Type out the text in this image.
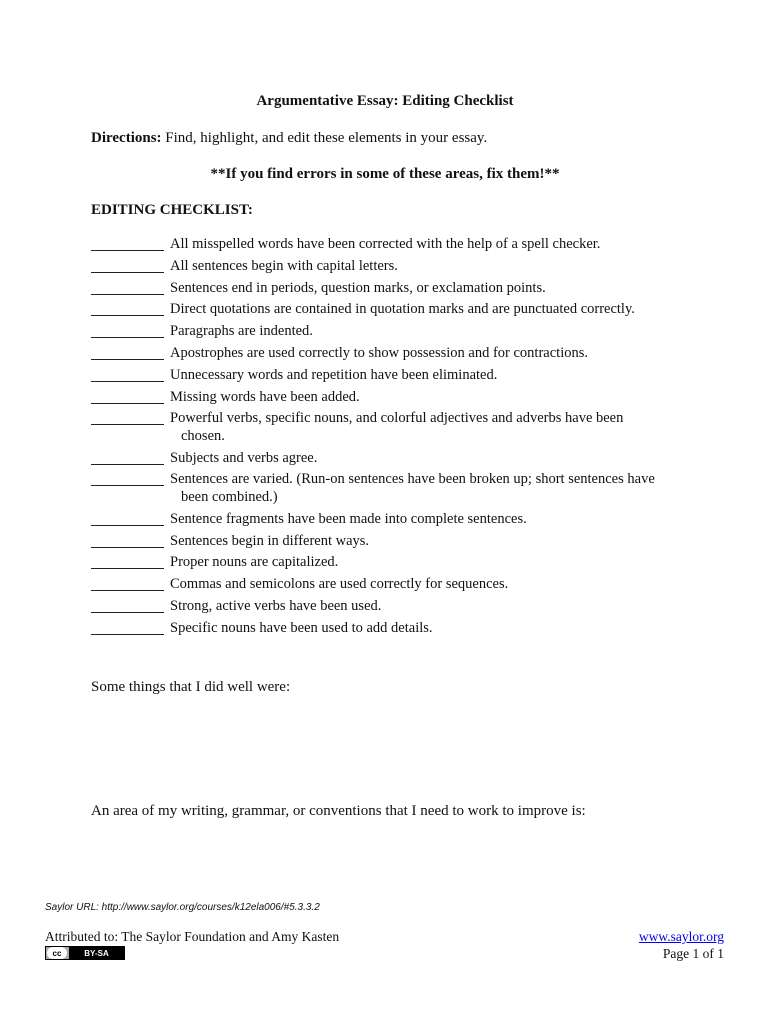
Argumentative Essay: Editing Checklist
Directions: Find, highlight, and edit these elements in your essay.
**If you find errors in some of these areas, fix them!**
EDITING CHECKLIST:
All misspelled words have been corrected with the help of a spell checker.
All sentences begin with capital letters.
Sentences end in periods, question marks, or exclamation points.
Direct quotations are contained in quotation marks and are punctuated correctly.
Paragraphs are indented.
Apostrophes are used correctly to show possession and for contractions.
Unnecessary words and repetition have been eliminated.
Missing words have been added.
Powerful verbs, specific nouns, and colorful adjectives and adverbs have been
chosen.
Subjects and verbs agree.
Sentences are varied. (Run-on sentences have been broken up; short sentences have
been combined.)
Sentence fragments have been made into complete sentences.
Sentences begin in different ways.
Proper nouns are capitalized.
Commas and semicolons are used correctly for sequences.
Strong, active verbs have been used.
Specific nouns have been used to add details.
Some things that I did well were:
An area of my writing, grammar, or conventions that I need to work to improve is:
Saylor URL: http://www.saylor.org/courses/k12ela006/#5.3.3.2
Attributed to: The Saylor Foundation and Amy Kasten
cc	BY-SA
www.saylor.org
Page 1 of 1
